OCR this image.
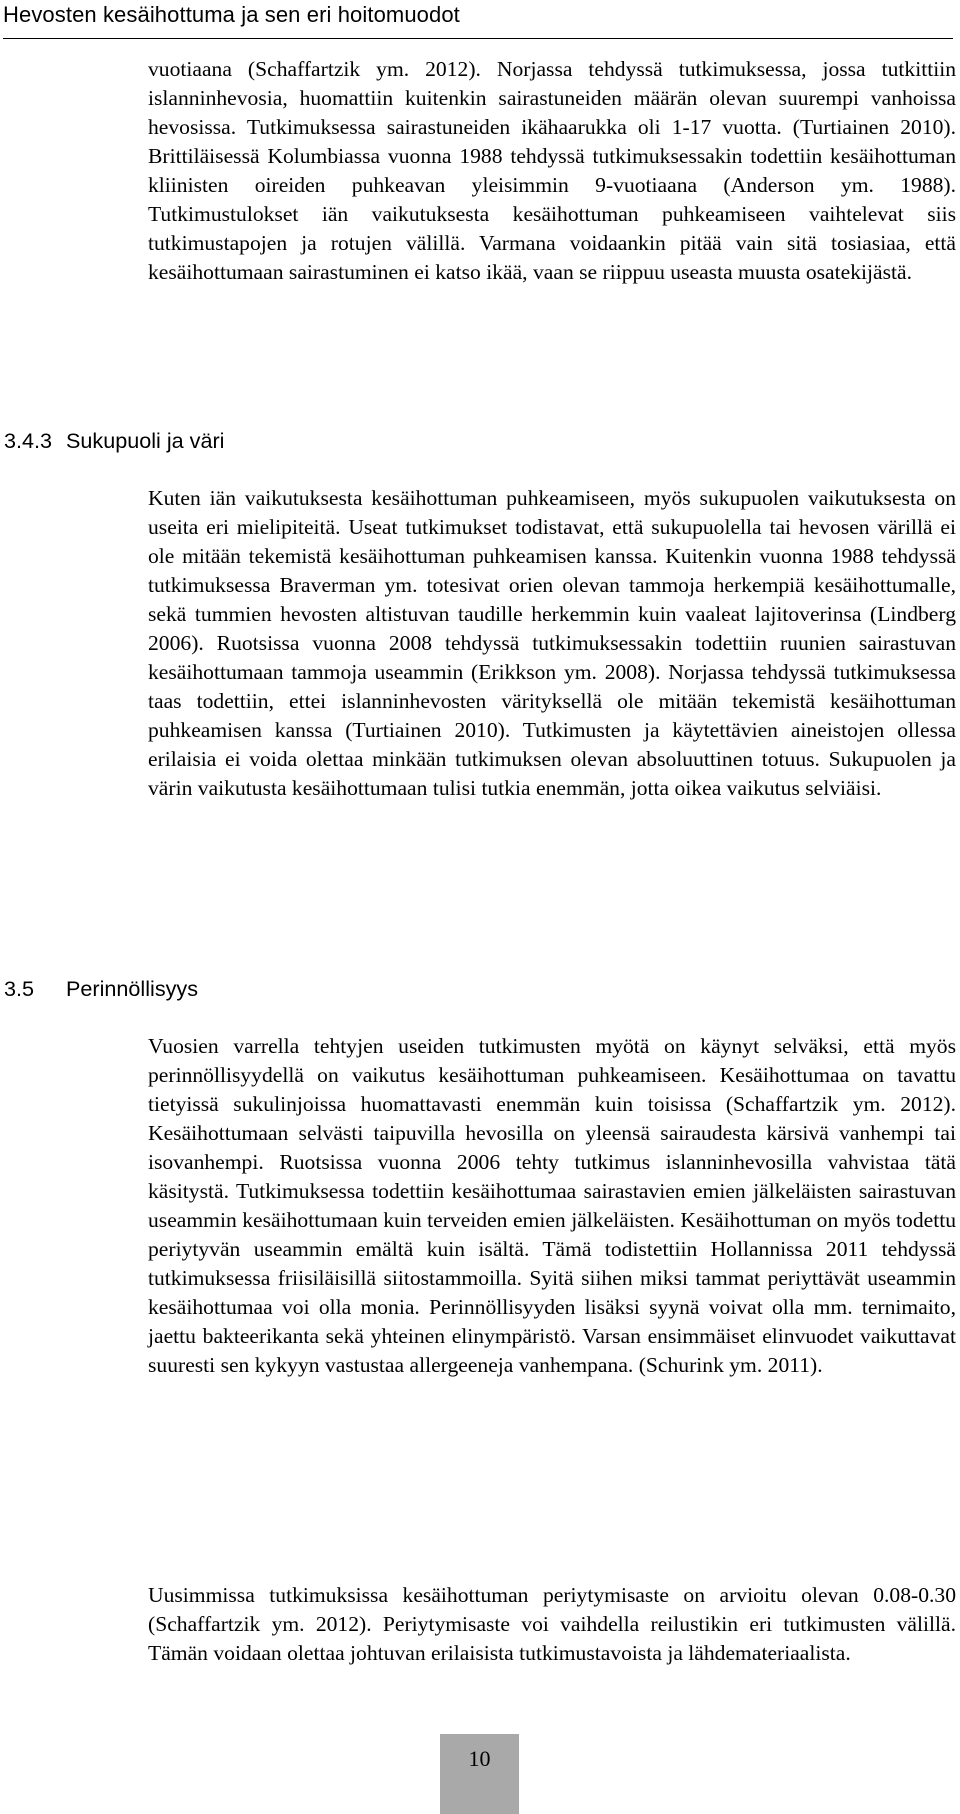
Hevosten kesäihottuma ja sen eri hoitomuodot

vuotiaana (Schaffartzik ym. 2012). Norjassa tehdyssä tutkimuksessa, jossa tutkittiin islanninhevosia, huomattiin kuitenkin sairastuneiden määrän olevan suurempi vanhoissa hevosissa. Tutkimuksessa sairastuneiden ikähaarukka oli 1-17 vuotta. (Turtiainen 2010). Brittiläisessä Kolumbiassa vuonna 1988 tehdyssä tutkimuksessakin todettiin kesäihottuman kliinisten oireiden puhkeavan yleisimmin 9-vuotiaana (Anderson ym. 1988). Tutkimustulokset iän vaikutuksesta kesäihottuman puhkeamiseen vaihtelevat siis tutkimustapojen ja rotujen välillä. Varmana voidaankin pitää vain sitä tosiasiaa, että kesäihottumaan sairastuminen ei katso ikää, vaan se riippuu useasta muusta osatekijästä.

3.4.3 Sukupuoli ja väri

Kuten iän vaikutuksesta kesäihottuman puhkeamiseen, myös sukupuolen vaikutuksesta on useita eri mielipiteitä. Useat tutkimukset todistavat, että sukupuolella tai hevosen värillä ei ole mitään tekemistä kesäihottuman puhkeamisen kanssa. Kuitenkin vuonna 1988 tehdyssä tutkimuksessa Braverman ym. totesivat orien olevan tammoja herkempiä kesäihottumalle, sekä tummien hevosten altistuvan taudille herkemmin kuin vaaleat lajitoverinsa (Lindberg 2006). Ruotsissa vuonna 2008 tehdyssä tutkimuksessakin todettiin ruunien sairastuvan kesäihottumaan tammoja useammin (Erikkson ym. 2008). Norjassa tehdyssä tutkimuksessa taas todettiin, ettei islanninhevosten värityksellä ole mitään tekemistä kesäihottuman puhkeamisen kanssa (Turtiainen 2010). Tutkimusten ja käytettävien aineistojen ollessa erilaisia ei voida olettaa minkään tutkimuksen olevan absoluuttinen totuus. Sukupuolen ja värin vaikutusta kesäihottumaan tulisi tutkia enemmän, jotta oikea vaikutus selviäisi.

3.5 Perinnöllisyys

Vuosien varrella tehtyjen useiden tutkimusten myötä on käynyt selväksi, että myös perinnöllisyydellä on vaikutus kesäihottuman puhkeamiseen. Kesäihottumaa on tavattu tietyissä sukulinjoissa huomattavasti enemmän kuin toisissa (Schaffartzik ym. 2012). Kesäihottumaan selvästi taipuvilla hevosilla on yleensä sairaudesta kärsivä vanhempi tai isovanhempi. Ruotsissa vuonna 2006 tehty tutkimus islanninhevosilla vahvistaa tätä käsitystä. Tutkimuksessa todettiin kesäihottumaa sairastavien emien jälkeläisten sairastuvan useammin kesäihottumaan kuin terveiden emien jälkeläisten. Kesäihottuman on myös todettu periytyvän useammin emältä kuin isältä. Tämä todistettiin Hollannissa 2011 tehdyssä tutkimuksessa friisiläisillä siitostammoilla. Syitä siihen miksi tammat periyttävät useammin kesäihottumaa voi olla monia. Perinnöllisyyden lisäksi syynä voivat olla mm. ternimaito, jaettu bakteerikanta sekä yhteinen elinympäristö. Varsan ensimmäiset elinvuodet vaikuttavat suuresti sen kykyyn vastustaa allergeeneja vanhempana. (Schurink ym. 2011).

Uusimmissa tutkimuksissa kesäihottuman periytymisaste on arvioitu olevan 0.08-0.30 (Schaffartzik ym. 2012). Periytymisaste voi vaihdella reilustikin eri tutkimusten välillä. Tämän voidaan olettaa johtuvan erilaisista tutkimustavoista ja lähdemateriaalista.

10
